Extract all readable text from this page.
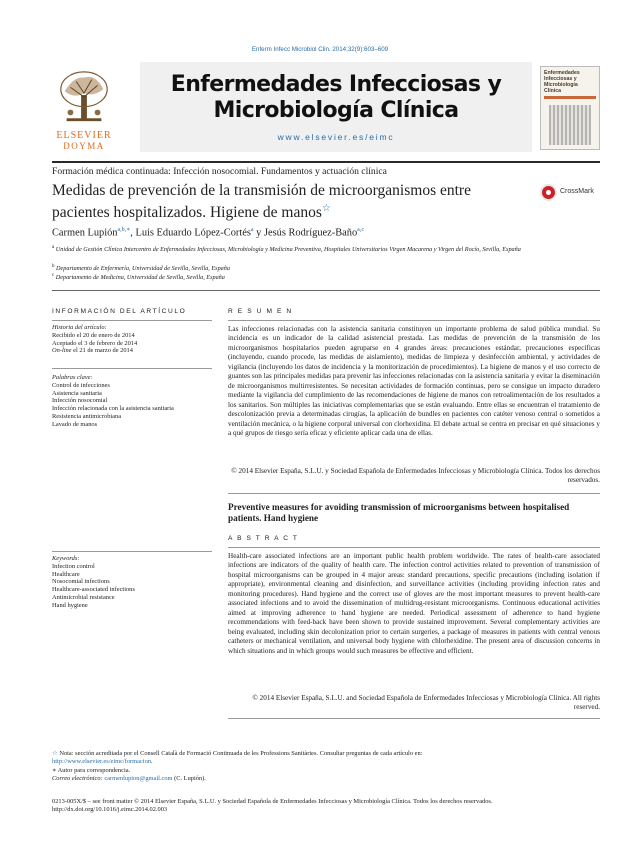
Enferm Infecc Microbiol Clin. 2014;32(9):603–609
ELSEVIER
DOYMA
Enfermedades Infecciosas y
Microbiología Clínica
www.elsevier.es/eimc
Enfermedades Infecciosas y Microbiología Clínica
Formación médica continuada: Infección nosocomial. Fundamentos y actuación clínica
Medidas de prevención de la transmisión de microorganismos entre pacientes hospitalizados. Higiene de manos☆
CrossMark
Carmen Lupión$^{a,b,∗}$, Luis Eduardo López-Cortés$^a$ y Jesús Rodríguez-Baño$^{a,c}$
$^a$ Unidad de Gestión Clínica Intercentro de Enfermedades Infecciosas, Microbiología y Medicina Preventiva, Hospitales Universitarios Virgen Macarena y Virgen del Rocío, Sevilla, España
$^b$ Departamento de Enfermería, Universidad de Sevilla, Sevilla, España
$^c$ Departamento de Medicina, Universidad de Sevilla, Sevilla, España
INFORMACIÓN DEL ARTÍCULO
Historia del artículo:
Recibido el 20 de enero de 2014
Aceptado el 3 de febrero de 2014
On-line el 21 de marzo de 2014
Palabras clave:
Control de infecciones
Asistencia sanitaria
Infección nosocomial
Infección relacionada con la asistencia sanitaria
Resistencia antimicrobiana
Lavado de manos
Keywords:
Infection control
Healthcare
Nosocomial infections
Healthcare-associated infections
Antimicrobial resistance
Hand hygiene
R E S U M E N
Las infecciones relacionadas con la asistencia sanitaria constituyen un importante problema de salud pública mundial. Su incidencia es un indicador de la calidad asistencial prestada. Las medidas de prevención de la transmisión de los microorganismos hospitalarios pueden agruparse en 4 grandes áreas: precauciones estándar, precauciones específicas (incluyendo, cuando procede, las medidas de aislamiento), medidas de limpieza y desinfección ambiental, y actividades de vigilancia (incluyendo los datos de incidencia y la monitorización de procedimientos). La higiene de manos y el uso correcto de guantes son las principales medidas para prevenir las infecciones relacionadas con la asistencia sanitaria y evitar la diseminación de microorganismos multirresistentes. Se necesitan actividades de formación continuas, pero se consigue un impacto duradero mediante la vigilancia del cumplimiento de las recomendaciones de higiene de manos con retroalimentación de los resultados a los sanitarios. Son múltiples las iniciativas complementarias que se están evaluando. Entre ellas se encuentran el tratamiento de descolonización previa a determinadas cirugías, la aplicación de bundles en pacientes con catéter venoso central o sometidos a ventilación mecánica, o la higiene corporal universal con clorhexidina. El debate actual se centra en precisar en qué situaciones y a qué grupos de riesgo sería eficaz y eficiente aplicar cada una de ellas.
© 2014 Elsevier España, S.L.U. y Sociedad Española de Enfermedades Infecciosas y Microbiología Clínica. Todos los derechos reservados.
Preventive measures for avoiding transmission of microorganisms between hospitalised patients. Hand hygiene
A B S T R A C T
Health-care associated infections are an important public health problem worldwide. The rates of health-care associated infections are indicators of the quality of health care. The infection control activities related to prevention of transmission of hospital microorganisms can be grouped in 4 major areas: standard precautions, specific precautions (including isolation if appropriate), environmental cleaning and disinfection, and surveillance activities (including providing infection rates and monitoring procedures). Hand hygiene and the correct use of gloves are the most important measures to prevent health-care associated infections and to avoid the dissemination of multidrug-resistant microorganisms. Continuous educational activities aimed at improving adherence to hand hygiene are needed. Periodical assessment of adherence to hand hygiene recommendations with feed-back have been shown to provide sustained improvement. Several complementary activities are being evaluated, including skin decolonization prior to certain surgeries, a package of measures in patients with central venous catheters or mechanical ventilation, and universal body hygiene with chlorhexidine. The present area of discussion concerns in which situations and in which groups would such measures be effective and efficient.
© 2014 Elsevier España, S.L.U. and Sociedad Española de Enfermedades Infecciosas y Microbiología Clínica. All rights reserved.
☆ Nota: sección acreditada por el Consell Català de Formació Continuada de les Professions Sanitàries. Consultar preguntas de cada artículo en:
http://www.elsevier.es/eimc/formacion.
∗ Autor para correspondencia.
Correo electrónico: carmenlupion@gmail.com (C. Lupión).
0213-005X/$ – see front matter © 2014 Elsevier España, S.L.U. y Sociedad Española de Enfermedades Infecciosas y Microbiología Clínica. Todos los derechos reservados.
http://dx.doi.org/10.1016/j.eimc.2014.02.003
